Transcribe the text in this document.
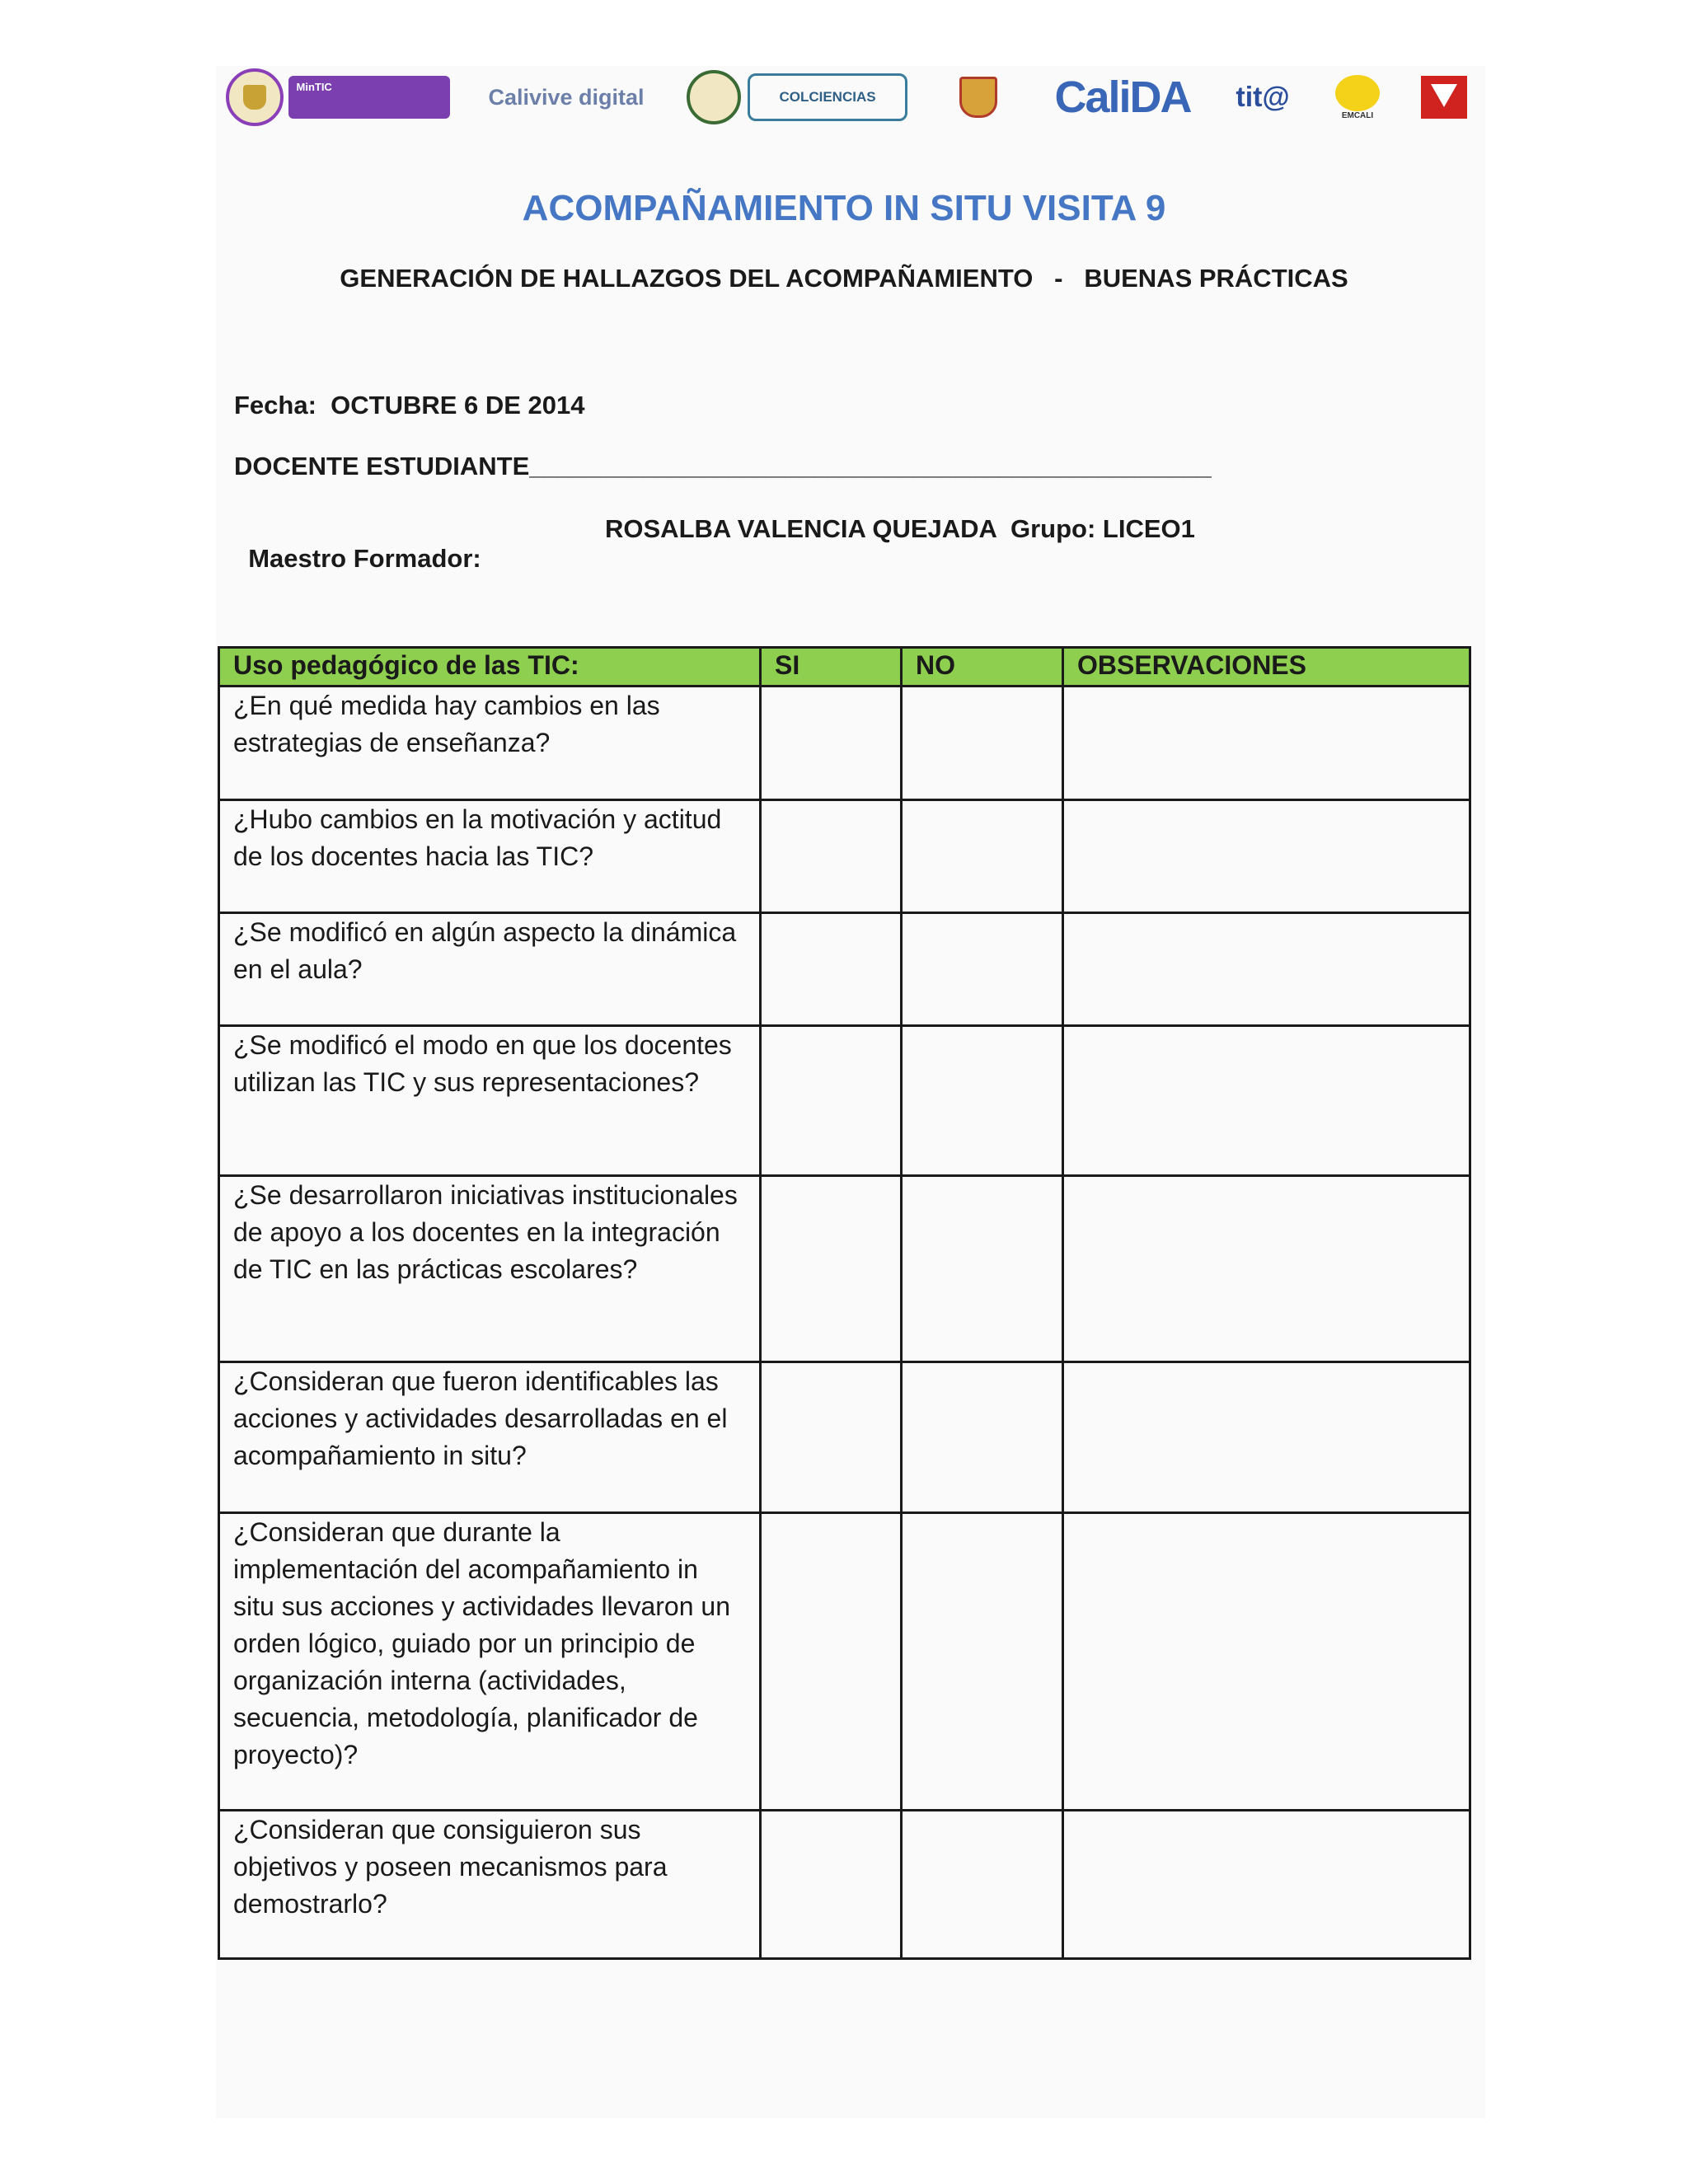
MinTIC	Calivive digital	COLCIENCIAS	CaliDA tit@
EMCALI
ACOMPAÑAMIENTO IN SITU VISITA 9
GENERACIÓN DE HALLAZGOS DEL ACOMPAÑAMIENTO   -   BUENAS PRÁCTICAS
Fecha:  OCTUBRE 6 DE 2014
DOCENTE ESTUDIANTE________________________________________________

Maestro Formador:

ROSALBA VALENCIA QUEJADA  Grupo: LICEO1

Uso pedagógico de las TIC:	SI	NO	OBSERVACIONES
¿En qué medida hay cambios en las estrategias de enseñanza?			
¿Hubo cambios en la motivación y actitud de los docentes hacia las TIC?			
¿Se modificó en algún aspecto la dinámica en el aula?			
¿Se modificó el modo en que los docentes utilizan las TIC y sus representaciones?			
¿Se desarrollaron iniciativas institucionales de apoyo a los docentes en la integración de TIC en las prácticas escolares?			
¿Consideran que fueron identificables las acciones y actividades desarrolladas en el acompañamiento in situ?			
¿Consideran que durante la implementación del acompañamiento in situ sus acciones y actividades llevaron un orden lógico, guiado por un principio de organización interna (actividades, secuencia, metodología, planificador de proyecto)?			
¿Consideran que consiguieron sus objetivos y poseen mecanismos para demostrarlo?			
